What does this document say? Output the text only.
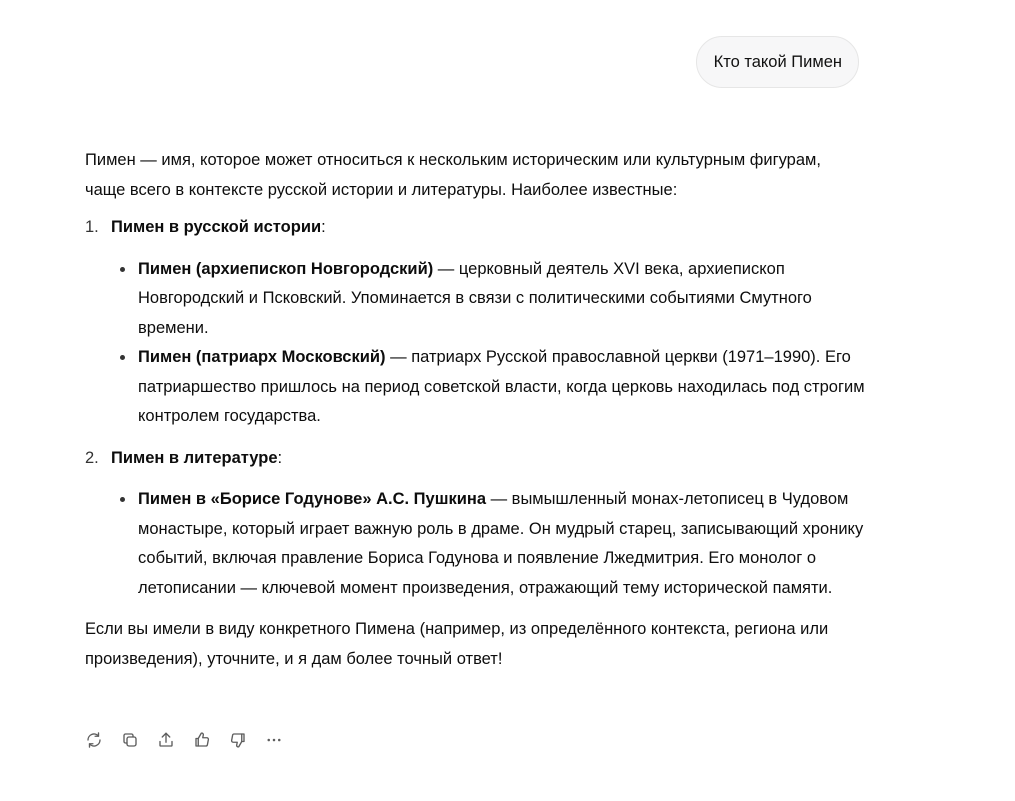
Кто такой Пимен

Пимен — имя, которое может относиться к нескольким историческим или культурным фигурам, чаще всего в контексте русской истории и литературы. Наиболее известные:

1. Пимен в русской истории:

Пимен (архиепископ Новгородский) — церковный деятель XVI века, архиепископ Новгородский и Псковский. Упоминается в связи с политическими событиями Смутного времени.
Пимен (патриарх Московский) — патриарх Русской православной церкви (1971–1990). Его патриаршество пришлось на период советской власти, когда церковь находилась под строгим контролем государства.
2. Пимен в литературе:

Пимен в «Борисе Годунове» А.С. Пушкина — вымышленный монах-летописец в Чудовом монастыре, который играет важную роль в драме. Он мудрый старец, записывающий хронику событий, включая правление Бориса Годунова и появление Лжедмитрия. Его монолог о летописании — ключевой момент произведения, отражающий тему исторической памяти.

Если вы имели в виду конкретного Пимена (например, из определённого контекста, региона или произведения), уточните, и я дам более точный ответ!
